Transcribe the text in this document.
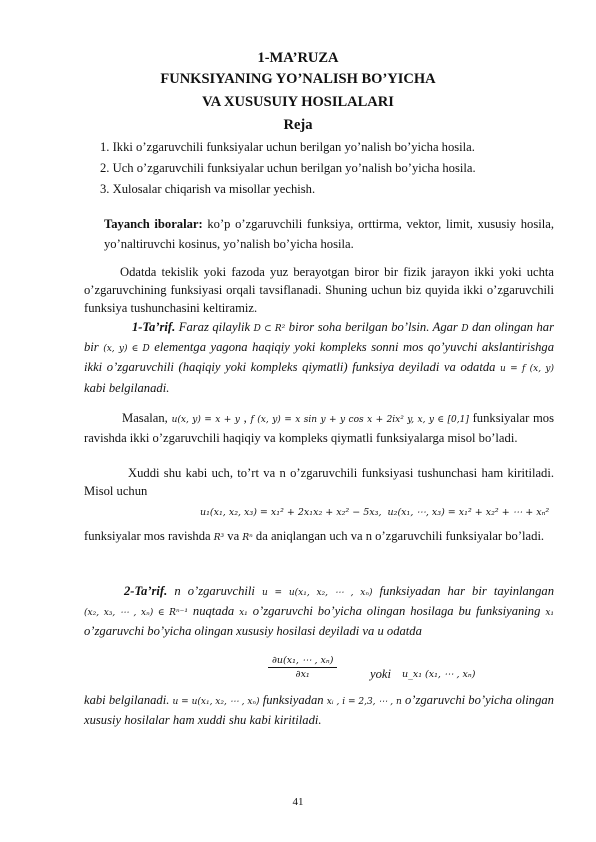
1-MA’RUZA
FUNKSIYANING YO’NALISH BO’YICHA
VA XUSUSUIY HOSILALARI
Reja
1. Ikki o’zgaruvchili funksiyalar uchun berilgan yo’nalish bo’yicha hosila.
2. Uch o’zgaruvchili funksiyalar uchun berilgan yo’nalish bo’yicha hosila.
3. Xulosalar chiqarish va misollar yechish.
Tayanch iboralar: ko’p o’zgaruvchili funksiya, orttirma, vektor, limit, xususiy hosila, yo’naltiruvchi kosinus, yo’nalish bo’yicha hosila.
Odatda tekislik yoki fazoda yuz berayotgan biror bir fizik jarayon ikki yoki uchta o’zgaruvchining funksiyasi orqali tavsiflanadi. Shuning uchun biz quyida ikki o’zgaruvchili funksiya tushunchasini keltiramiz.
1-Ta’rif. Faraz qilaylik D ⊂ R² biror soha berilgan bo’lsin. Agar D dan olingan har bir (x, y) ∈ D elementga yagona haqiqiy yoki kompleks sonni mos qo’yuvchi akslantirishga ikki o’zgaruvchili (haqiqiy yoki kompleks qiymatli) funksiya deyiladi va odatda u = f (x, y) kabi belgilanadi.
Masalan, u(x, y) = x + y , f (x, y) = x sin y + y cos x + 2ix² y, x, y ∈ [0,1] funksiyalar mos ravishda ikki o’zgaruvchili haqiqiy va kompleks qiymatli funksiyalarga misol bo’ladi.
Xuddi shu kabi uch, to’rt va n o’zgaruvchili funksiyasi tushunchasi ham kiritiladi. Misol uchun
u₁(x₁, x₂, x₃) = x₁² + 2x₁x₂ + x₂² − 5x₃, u₂(x₁, ⋯, x₃) = x₁² + x₂² + ⋯ + xₙ²
funksiyalar mos ravishda R³ va Rⁿ da aniqlangan uch va n o’zgaruvchili funksiyalar bo’ladi.
2-Ta’rif. n o’zgaruvchili u = u(x₁, x₂, ⋯ , xₙ) funksiyadan har bir tayinlangan (x₂, x₃, ⋯ , xₙ) ∈ Rⁿ⁻¹ nuqtada x₁ o’zgaruvchi bo’yicha olingan hosilaga bu funksiyaning x₁ o’zgaruvchi bo’yicha olingan xususiy hosilasi deyiladi va u odatda
$\frac{\text{∂u(x₁, ⋯ , xₙ)}}{\text{∂x₁}}$	yoki u_x₁ (x₁, ⋯ , xₙ)
kabi belgilanadi. u = u(x₁, x₂, ⋯ , xₙ) funksiyadan xᵢ , i = 2,3, ⋯ , n o’zgaruvchi bo’yicha olingan xususiy hosilalar ham xuddi shu kabi kiritiladi.
41
